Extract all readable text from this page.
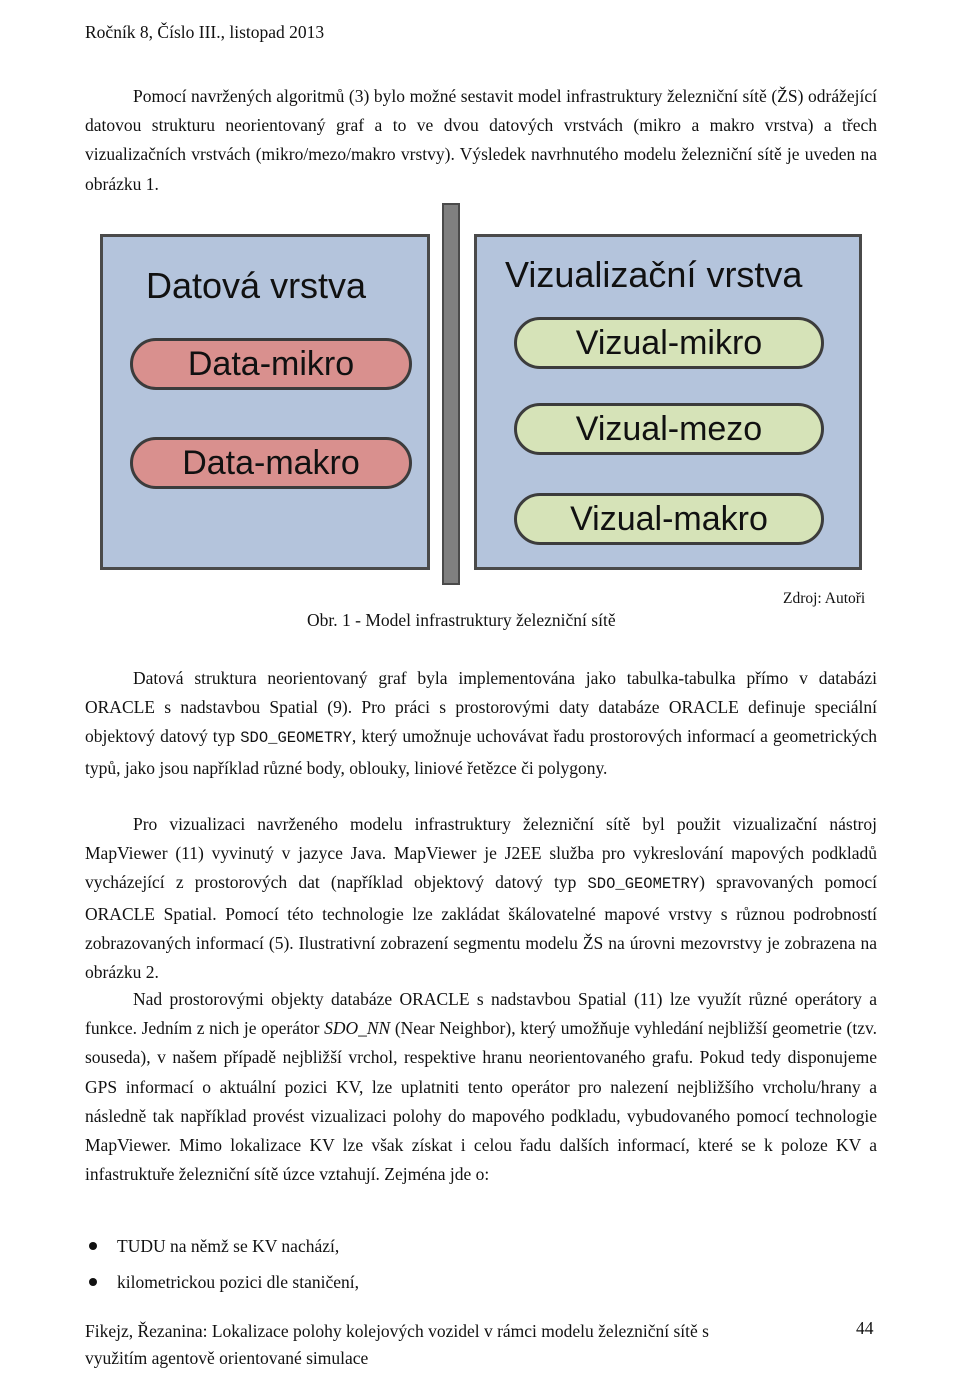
Ročník 8, Číslo III., listopad 2013

Pomocí navržených algoritmů (3) bylo možné sestavit model infrastruktury železniční sítě (ŽS) odrážející datovou strukturu neorientovaný graf a to ve dvou datových vrstvách (mikro a makro vrstva) a třech vizualizačních vrstvách (mikro/mezo/makro vrstvy). Výsledek navrhnutého modelu železniční sítě je uveden na obrázku 1.

Datová vrstva
Data-mikro
Data-makro
Vizualizační vrstva
Vizual-mikro
Vizual-mezo
Vizual-makro
Zdroj: Autoři
Obr. 1 - Model infrastruktury železniční sítě

Datová struktura neorientovaný graf byla implementována jako tabulka-tabulka přímo v databázi ORACLE s nadstavbou Spatial (9). Pro práci s prostorovými daty databáze ORACLE definuje speciální objektový datový typ SDO_GEOMETRY, který umožnuje uchovávat řadu prostorových informací a geometrických typů, jako jsou například různé body, oblouky, liniové řetězce či polygony.

Pro vizualizaci navrženého modelu infrastruktury železniční sítě byl použit vizualizační nástroj MapViewer (11) vyvinutý v jazyce Java. MapViewer je J2EE služba pro vykreslování mapových podkladů vycházející z prostorových dat (například objektový datový typ SDO_GEOMETRY) spravovaných pomocí ORACLE Spatial. Pomocí této technologie lze zakládat škálovatelné mapové vrstvy s různou podrobností zobrazovaných informací (5). Ilustrativní zobrazení segmentu modelu ŽS na úrovni mezovrstvy je zobrazena na obrázku 2.

Nad prostorovými objekty databáze ORACLE s nadstavbou Spatial (11) lze využít různé operátory a funkce. Jedním z nich je operátor SDO_NN (Near Neighbor), který umožňuje vyhledání nejbližší geometrie (tzv. souseda), v našem případě nejbližší vrchol, respektive hranu neorientovaného grafu. Pokud tedy disponujeme GPS informací o aktuální pozici KV, lze uplatniti tento operátor pro nalezení nejbližšího vrcholu/hrany a následně tak například provést vizualizaci polohy do mapového podkladu, vybudovaného pomocí technologie MapViewer. Mimo lokalizace KV lze však získat i celou řadu dalších informací, které se k poloze KV a infastruktuře železniční sítě úzce vztahují. Zejména jde o:

TUDU na němž se KV nachází,
kilometrickou pozici dle staničení,
Fikejz, Řezanina: Lokalizace polohy kolejových vozidel v rámci modelu železniční sítě s využitím agentově orientované simulace
44
